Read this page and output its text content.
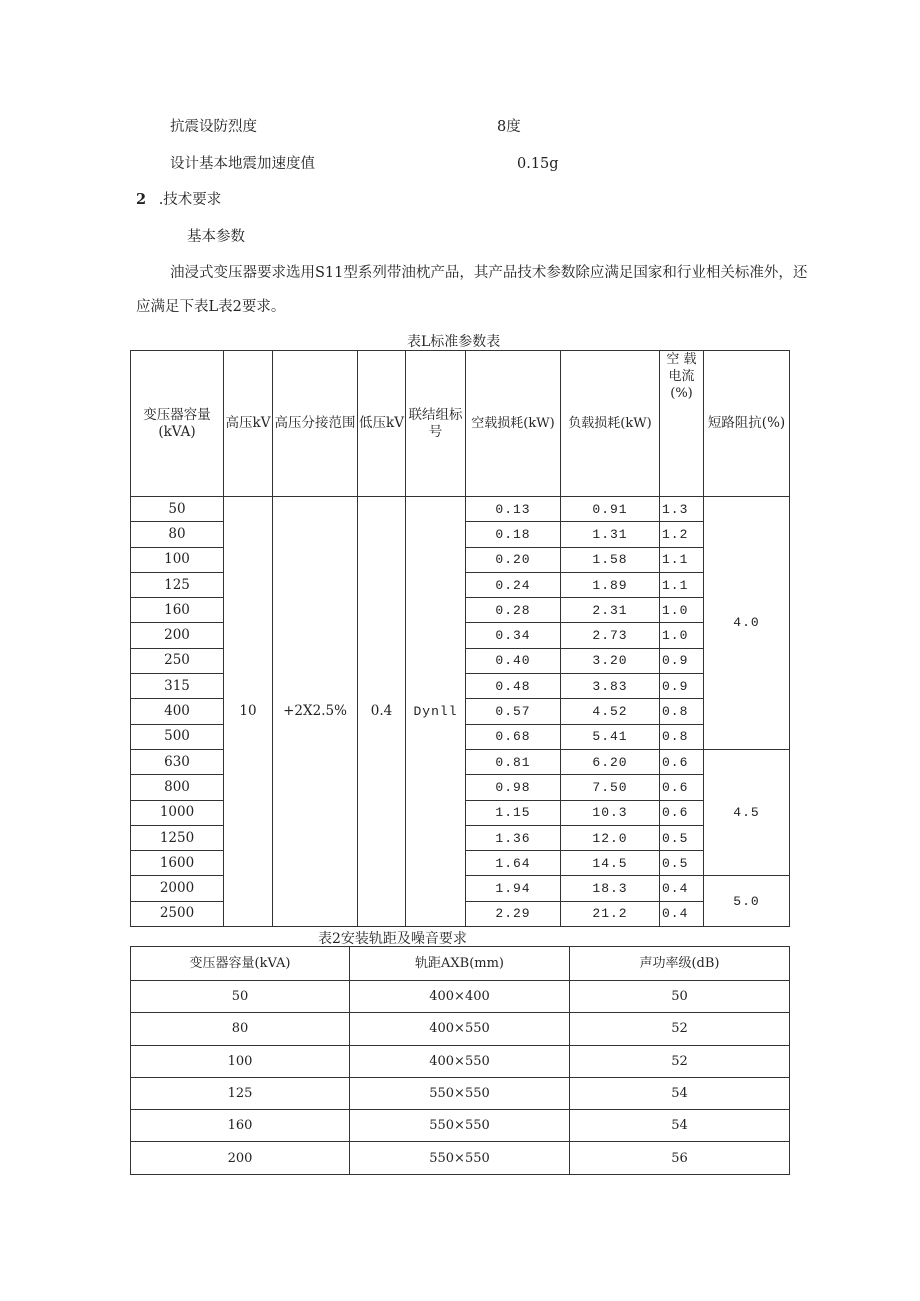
抗震设防烈度	8度
设计基本地震加速度值	0.15g
2 .技术要求
基本参数
油浸式变压器要求选用S11型系列带油枕产品，其产品技术参数除应满足国家和行业相关标准外，还
应满足下表L表2要求。
表L标准参数表
变压器容量(kVA)	高压kV	高压分接范围	低压kV	联结组标号	空载损耗(kW)	负载损耗(kW)	空 载电流(%)	短路阻抗(%)
50	10	+2X2.5%	0.4	Dynll	0.13	0.91	1.3	4.0
80					0.18	1.31	1.2	
100					0.20	1.58	1.1	
125					0.24	1.89	1.1	
160					0.28	2.31	1.0	
200					0.34	2.73	1.0	
250					0.40	3.20	0.9	
315					0.48	3.83	0.9	
400					0.57	4.52	0.8	
500					0.68	5.41	0.8	
630					0.81	6.20	0.6	4.5
800					0.98	7.50	0.6	
1000					1.15	10.3	0.6	
1250					1.36	12.0	0.5	
1600					1.64	14.5	0.5	
2000					1.94	18.3	0.4	5.0
2500					2.29	21.2	0.4	
表2安装轨距及噪音要求
变压器容量(kVA)	轨距AXB(mm)	声功率级(dB)
50	400×400	50
80	400×550	52
100	400×550	52
125	550×550	54
160	550×550	54
200	550×550	56
